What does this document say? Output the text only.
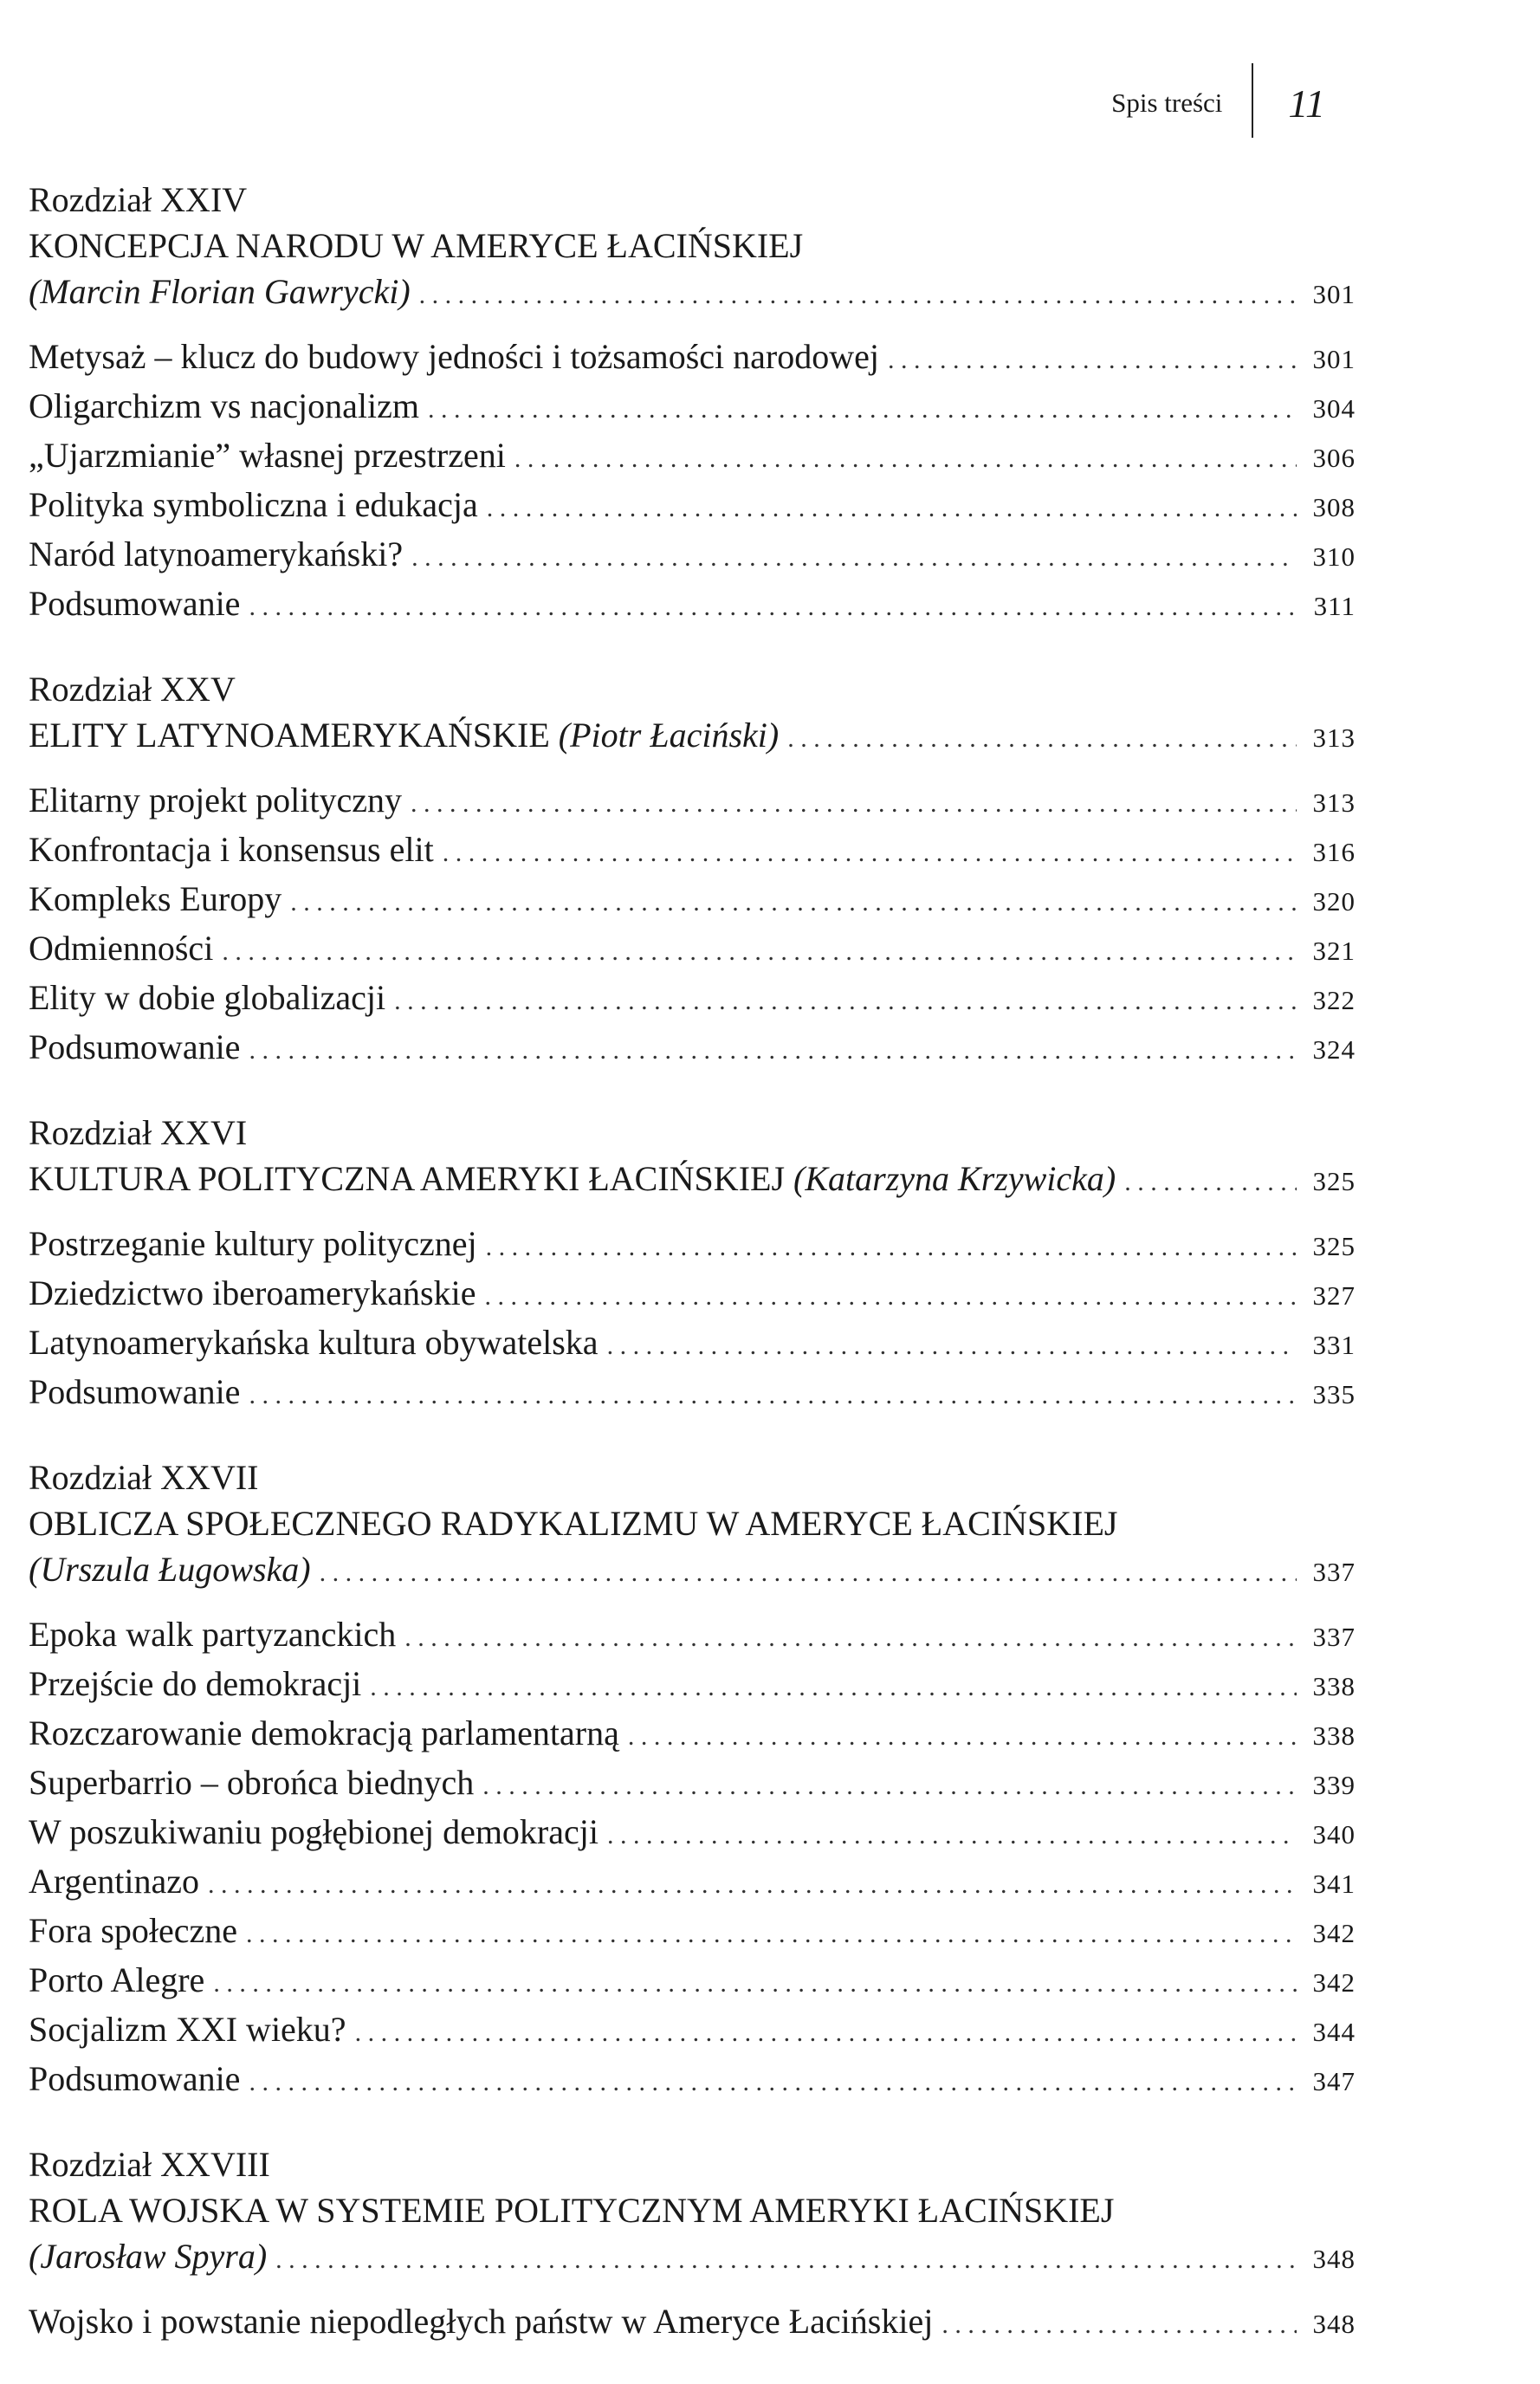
Spis treści 11
Rozdział XXIV
KONCEPCJA NARODU W AMERYCE ŁACIŃSKIEJ
(Marcin Florian Gawrycki) . . .	301
Metysaż – klucz do budowy jedności i tożsamości narodowej . . .	301
Oligarchizm vs nacjonalizm . . .	304
„Ujarzmianie” własnej przestrzeni . . .	306
Polityka symboliczna i edukacja . . .	308
Naród latynoamerykański? . . .	310
Podsumowanie . . .	311
Rozdział XXV
ELITY LATYNOAMERYKAŃSKIE (Piotr Łaciński) . . .	313
Elitarny projekt polityczny . . .	313
Konfrontacja i konsensus elit . . .	316
Kompleks Europy . . .	320
Odmienności . . .	321
Elity w dobie globalizacji . . .	322
Podsumowanie . . .	324
Rozdział XXVI
KULTURA POLITYCZNA AMERYKI ŁACIŃSKIEJ (Katarzyna Krzywicka) . . .	325
Postrzeganie kultury politycznej . . .	325
Dziedzictwo iberoamerykańskie . . .	327
Latynoamerykańska kultura obywatelska . . .	331
Podsumowanie . . .	335
Rozdział XXVII
OBLICZA SPOŁECZNEGO RADYKALIZMU W AMERYCE ŁACIŃSKIEJ
(Urszula Ługowska) . . .	337
Epoka walk partyzanckich . . .	337
Przejście do demokracji . . .	338
Rozczarowanie demokracją parlamentarną . . .	338
Superbarrio – obrońca biednych . . .	339
W poszukiwaniu pogłębionej demokracji . . .	340
Argentinazo . . .	341
Fora społeczne . . .	342
Porto Alegre . . .	342
Socjalizm XXI wieku? . . .	344
Podsumowanie . . .	347
Rozdział XXVIII
ROLA WOJSKA W SYSTEMIE POLITYCZNYM AMERYKI ŁACIŃSKIEJ
(Jarosław Spyra) . . .	348
Wojsko i powstanie niepodległych państw w Ameryce Łacińskiej . . .	348
